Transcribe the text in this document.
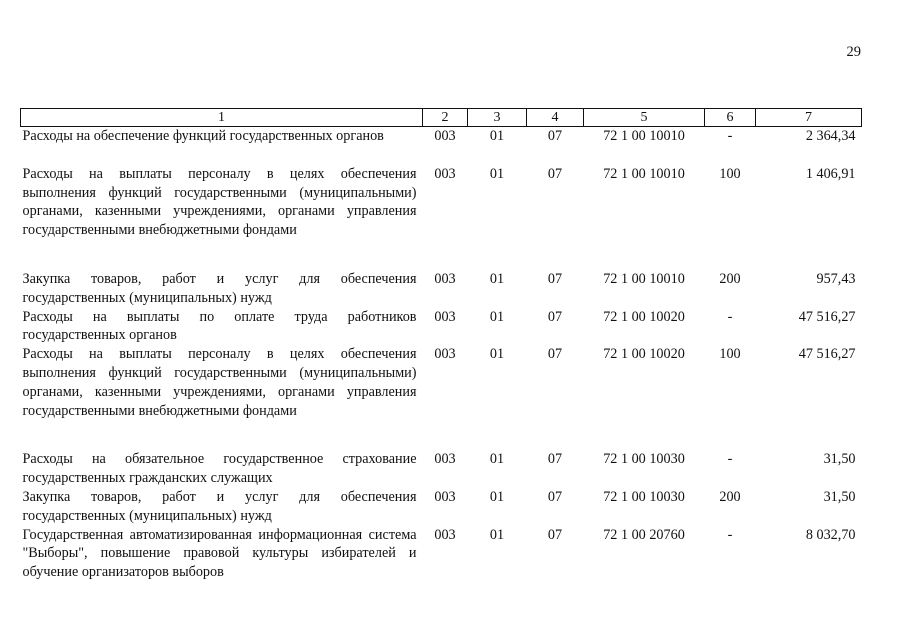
29
1	2	3	4	5	6	7
Расходы на обеспечение функций государственных органов	003	01	07	72 1 00 10010	-	2 364,34
Расходы на выплаты персоналу в целях обеспечения выполнения функций государственными (муниципальными) органами, казенными учреждениями, органами управления государственными внебюджетными фондами	003	01	07	72 1 00 10010	100	1 406,91
Закупка товаров, работ и услуг для обеспечения государственных (муниципальных) нужд	003	01	07	72 1 00 10010	200	957,43
Расходы на выплаты по оплате труда работников государственных органов	003	01	07	72 1 00 10020	-	47 516,27
Расходы на выплаты персоналу в целях обеспечения выполнения функций государственными (муниципальными) органами, казенными учреждениями, органами управления государственными внебюджетными фондами	003	01	07	72 1 00 10020	100	47 516,27
Расходы на обязательное государственное страхование государственных гражданских служащих	003	01	07	72 1 00 10030	-	31,50
Закупка товаров, работ и услуг для обеспечения государственных (муниципальных) нужд	003	01	07	72 1 00 10030	200	31,50
Государственная автоматизированная информационная система "Выборы", повышение правовой культуры избирателей и обучение организаторов выборов	003	01	07	72 1 00 20760	-	8 032,70
